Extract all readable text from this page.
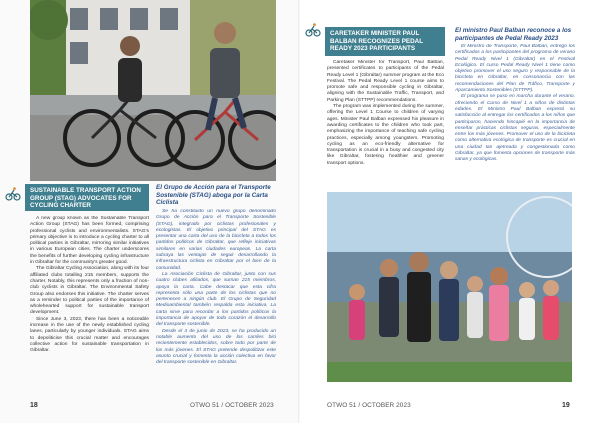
SUSTAINABLE TRANSPORT ACTION GROUP (STAG) ADVOCATES FOR CYCLING CHARTER
El Grupo de Acción para el Transporte Sostenible (STAG) aboga por la Carta Ciclista

A new group known as the Sustainable Transport Action Group (STAG) has been formed, comprising professional cyclists and environmentalists. STAG's primary objective is to introduce a cycling charter to all political parties in Gibraltar, mirroring similar initiatives in various European cities. The charter underscores the benefits of further developing cycling infrastructure in Gibraltar for the community's greater good.

The Gibraltar Cycling Association, along with its four affiliated clubs totalling 215 members, supports the charter. Notably, this represents only a fraction of non-club cyclists in Gibraltar. The Environmental Safety Group also endorses this initiative. The charter serves as a reminder to political parties of the importance of wholehearted support for sustainable transport development.

Since June 3, 2023, there has been a noticeable increase in the use of the newly established cycling lanes, particularly by younger individuals. STAG aims to depoliticise this crucial matter and encourages collective action for sustainable transportation in Gibraltar.

Se ha constituido un nuevo grupo denominado Grupo de Acción para el Transporte Sostenible (STAG), integrado por ciclistas profesionales y ecologistas. El objetivo principal del STAG es presentar una carta del uso de la bicicleta a todos los partidos políticos de Gibraltar, que refleje iniciativas similares en varias ciudades europeas. La carta subraya las ventajas de seguir desarrollando la infraestructura ciclista en Gibraltar por el bien de la comunidad.

La Asociación Ciclista de Gibraltar, junto con sus cuatro clubes afiliados, que suman 215 miembros, apoya la carta. Cabe destacar que esta cifra representa sólo una parte de los ciclistas que no pertenecen a ningún club. El Grupo de Seguridad Medioambiental también respalda esta iniciativa. La carta sirve para recordar a los partidos políticos la importancia de apoyar de todo corazón el desarrollo del transporte sostenible.

Desde el 3 de junio de 2023, se ha producido un notable aumento del uso de los carriles bici recientemente establecidos, sobre todo por parte de los más jóvenes. El STAG pretende despolitizar este asunto crucial y fomenta la acción colectiva en favor del transporte sostenible en Gibraltar.

18	OTWO 51 / OCTOBER 2023
CARETAKER MINISTER PAUL BALBAN RECOGNIZES PEDAL READY 2023 PARTICIPANTS
El ministro Paul Balban reconoce a los participantes de Pedal Ready 2023

Caretaker Minister for Transport, Paul Balban, presented certificates to participants of the Pedal Ready Level 1 (Gibraltar) summer program at the Eco Festival. The Pedal Ready Level 1 course aims to promote safe and responsible cycling in Gibraltar, aligning with the Sustainable Traffic, Transport, and Parking Plan (STTPP) recommendations.

The program was implemented during the summer, offering the Level 1 Course to children of varying ages. Minister Paul Balban expressed his pleasure in awarding certificates to the children who took part, emphasizing the importance of teaching safe cycling practices, especially among youngsters. Promoting cycling as an eco-friendly alternative for transportation is crucial in a busy and congested city like Gibraltar, fostering healthier and greener transport options.

El Ministro de Transporte, Paul Balban, entregó los certificados a los participantes del programa de verano Pedal Ready Nivel 1 (Gibraltar) en el Festival Ecológico. El curso Pedal Ready Nivel 1 tiene como objetivo promover el uso seguro y responsable de la bicicleta en Gibraltar, en consonancia con las recomendaciones del Plan de Tráfico, Transporte y Aparcamiento Sostenibles (STTPP).

El programa se puso en marcha durante el verano, ofreciendo el Curso de Nivel 1 a niños de distintas edades. El Ministro Paul Balban expresó su satisfacción al entregar los certificados a los niños que participaron, haciendo hincapié en la importancia de enseñar prácticas ciclistas seguras, especialmente entre los más jóvenes. Promover el uso de la bicicleta como alternativa ecológica de transporte es crucial en una ciudad tan ajetreada y congestionada como Gibraltar, ya que fomenta opciones de transporte más sanas y ecológicas.

OTWO 51 / OCTOBER 2023	19
